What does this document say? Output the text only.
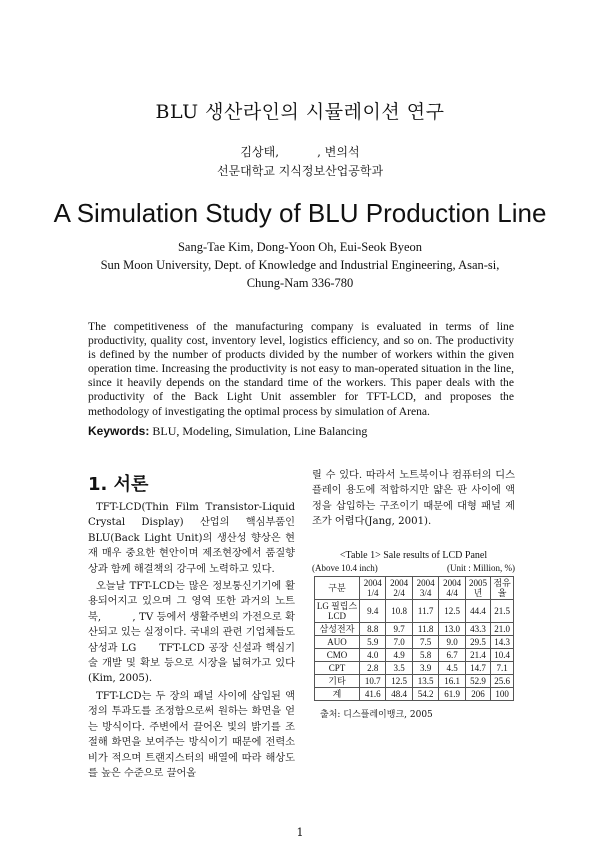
BLU 생산라인의 시뮬레이션 연구
김상태,          , 변의석
선문대학교 지식정보산업공학과
A Simulation Study of BLU Production Line
Sang-Tae Kim, Dong-Yoon Oh, Eui-Seok Byeon
Sun Moon University, Dept. of Knowledge and Industrial Engineering, Asan-si,
Chung-Nam 336-780
The competitiveness of the manufacturing company is evaluated in terms of line productivity, quality cost, inventory level, logistics efficiency, and so on. The productivity is defined by the number of products divided by the number of workers within the given operation time. Increasing the productivity is not easy to man-operated situation in the line, since it heavily depends on the standard time of the workers. This paper deals with the productivity of the Back Light Unit assembler for TFT-LCD, and proposes the methodology of investigating the optimal process by simulation of Arena.
Keywords: BLU, Modeling, Simulation, Line Balancing
1. 서론

TFT-LCD(Thin Film Transistor-Liquid Crystal Display) 산업의 핵심부품인 BLU(Back Light Unit)의 생산성 향상은 현재 매우 중요한 현안이며 제조현장에서 품질향상과 함께 해결책의 강구에 노력하고 있다.

오늘날 TFT-LCD는 많은 정보통신기기에 활용되어지고 있으며 그 영역 또한 과거의 노트북,         , TV 등에서 생활주변의 가전으로 확산되고 있는 실정이다. 국내의 관련 기업체들도 삼성과 LG      TFT-LCD 공장 신설과 핵심기술 개발 및 확보 등으로 시장을 넓혀가고 있다(Kim, 2005).

TFT-LCD는 두 장의 패널 사이에 삽입된 액정의 투과도를 조정함으로써 원하는 화면을 얻는 방식이다. 주변에서 끌어온 빛의 밝기를 조절해 화면을 보여주는 방식이기 때문에 전력소비가 적으며 트랜지스터의 배열에 따라 해상도를 높은 수준으로 끌어올

릴 수 있다. 따라서 노트북이나 컴퓨터의 디스플레이 용도에 적합하지만 얇은 판 사이에 액정을 삽입하는 구조이기 때문에 대형 패널 제조가 어렵다(Jang, 2001).

<Table 1> Sale results of LCD Panel
(Above 10.4 inch)	(Unit : Million, %)
구분	2004 1/4	2004 2/4	2004 3/4	2004 4/4	2005 년	점유율
LG 필립스 LCD	9.4	10.8	11.7	12.5	44.4	21.5
삼성전자	8.8	9.7	11.8	13.0	43.3	21.0
AUO	5.9	7.0	7.5	9.0	29.5	14.3
CMO	4.0	4.9	5.8	6.7	21.4	10.4
CPT	2.8	3.5	3.9	4.5	14.7	7.1
기타	10.7	12.5	13.5	16.1	52.9	25.6
계	41.6	48.4	54.2	61.9	206	100
출처: 디스플레이뱅크, 2005
1
